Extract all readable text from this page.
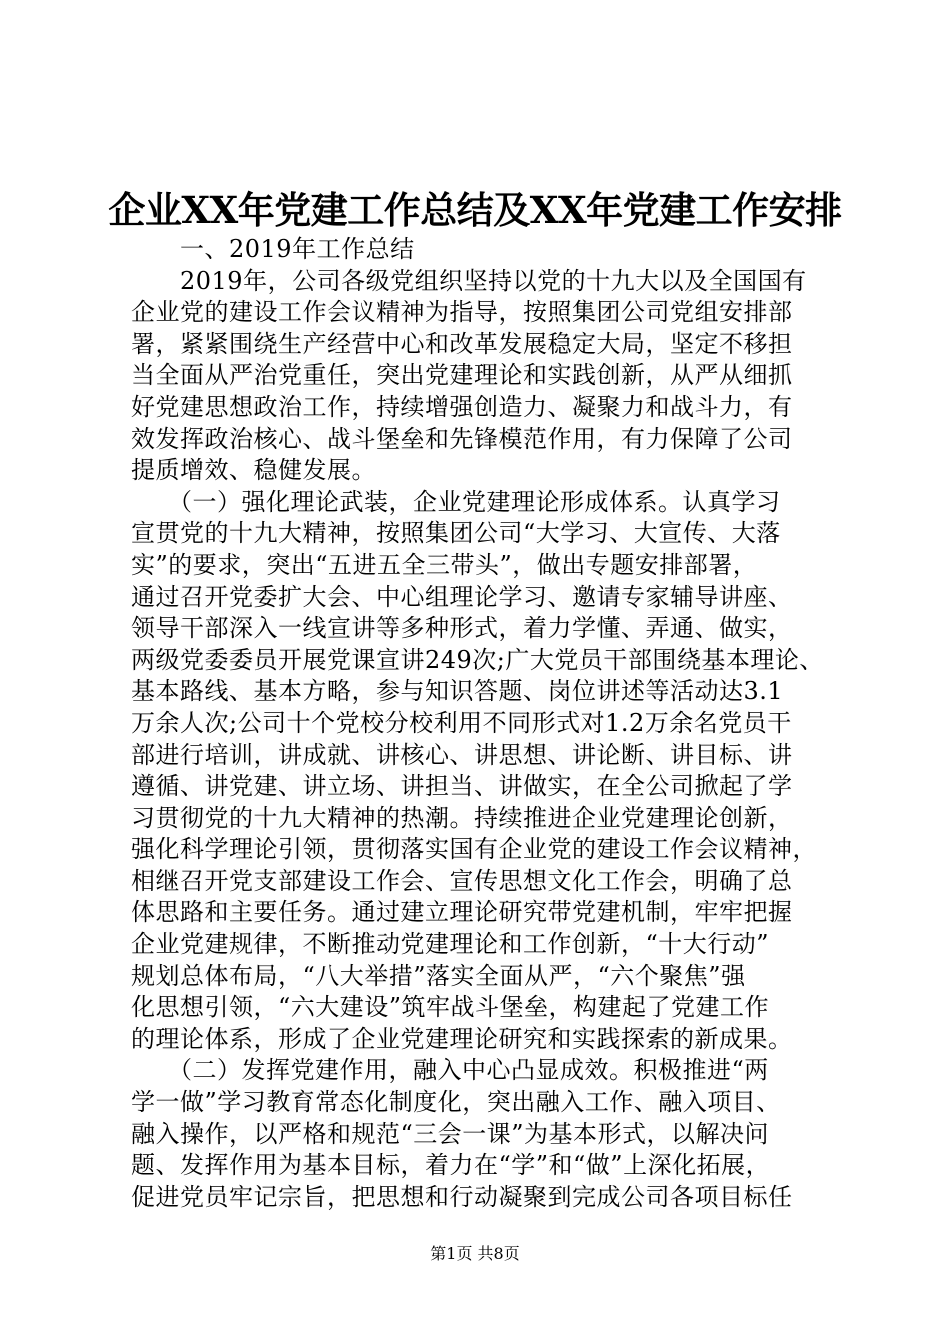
企业XX年党建工作总结及XX年党建工作安排
　　一、2019年工作总结
　　2019年，公司各级党组织坚持以党的十九大以及全国国有
企业党的建设工作会议精神为指导，按照集团公司党组安排部
署，紧紧围绕生产经营中心和改革发展稳定大局，坚定不移担
当全面从严治党重任，突出党建理论和实践创新，从严从细抓
好党建思想政治工作，持续增强创造力、凝聚力和战斗力，有
效发挥政治核心、战斗堡垒和先锋模范作用，有力保障了公司
提质增效、稳健发展。
　　（一）强化理论武装，企业党建理论形成体系。认真学习
宣贯党的十九大精神，按照集团公司“大学习、大宣传、大落
实”的要求，突出“五进五全三带头”，做出专题安排部署，
通过召开党委扩大会、中心组理论学习、邀请专家辅导讲座、
领导干部深入一线宣讲等多种形式，着力学懂、弄通、做实，
两级党委委员开展党课宣讲249次;广大党员干部围绕基本理论、
基本路线、基本方略，参与知识答题、岗位讲述等活动达3.1
万余人次;公司十个党校分校利用不同形式对1.2万余名党员干
部进行培训，讲成就、讲核心、讲思想、讲论断、讲目标、讲
遵循、讲党建、讲立场、讲担当、讲做实，在全公司掀起了学
习贯彻党的十九大精神的热潮。持续推进企业党建理论创新，
强化科学理论引领，贯彻落实国有企业党的建设工作会议精神，
相继召开党支部建设工作会、宣传思想文化工作会，明确了总
体思路和主要任务。通过建立理论研究带党建机制，牢牢把握
企业党建规律，不断推动党建理论和工作创新，“十大行动”
规划总体布局，“八大举措”落实全面从严，“六个聚焦”强
化思想引领，“六大建设”筑牢战斗堡垒，构建起了党建工作
的理论体系，形成了企业党建理论研究和实践探索的新成果。
　　（二）发挥党建作用，融入中心凸显成效。积极推进“两
学一做”学习教育常态化制度化，突出融入工作、融入项目、
融入操作，以严格和规范“三会一课”为基本形式，以解决问
题、发挥作用为基本目标，着力在“学”和“做”上深化拓展，
促进党员牢记宗旨，把思想和行动凝聚到完成公司各项目标任
第1页 共8页
